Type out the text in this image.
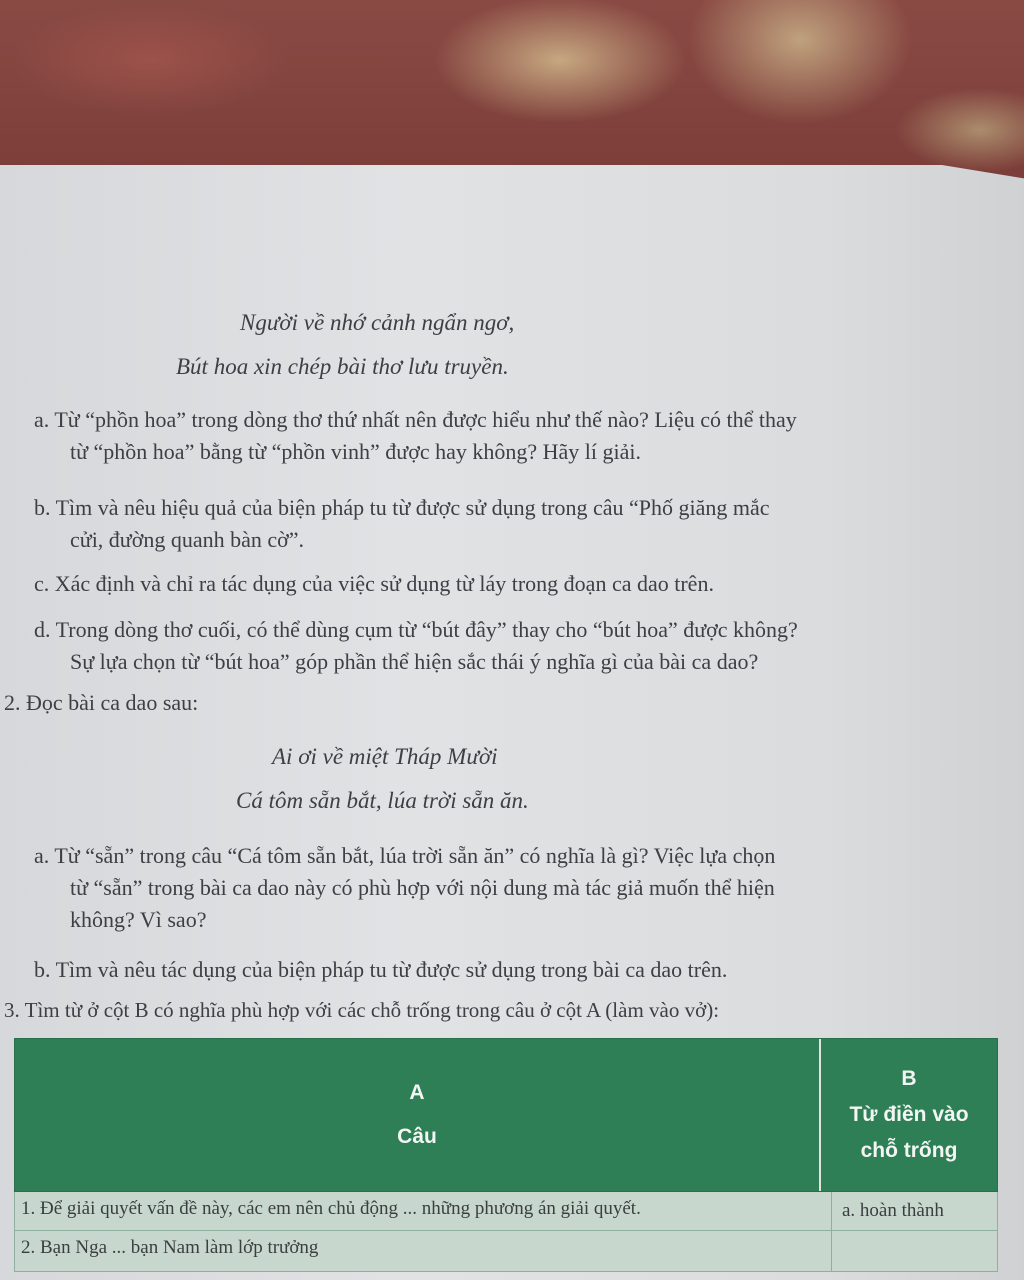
Người về nhớ cảnh ngẩn ngơ,
Bút hoa xin chép bài thơ lưu truyền.
a. Từ “phồn hoa” trong dòng thơ thứ nhất nên được hiểu như thế nào? Liệu có thể thay
từ “phồn hoa” bằng từ “phồn vinh” được hay không? Hãy lí giải.
b. Tìm và nêu hiệu quả của biện pháp tu từ được sử dụng trong câu “Phố giăng mắc
cửi, đường quanh bàn cờ”.
c. Xác định và chỉ ra tác dụng của việc sử dụng từ láy trong đoạn ca dao trên.
d. Trong dòng thơ cuối, có thể dùng cụm từ “bút đây” thay cho “bút hoa” được không?
Sự lựa chọn từ “bút hoa” góp phần thể hiện sắc thái ý nghĩa gì của bài ca dao?
2. Đọc bài ca dao sau:
Ai ơi về miệt Tháp Mười
Cá tôm sẵn bắt, lúa trời sẵn ăn.
a. Từ “sẵn” trong câu “Cá tôm sẵn bắt, lúa trời sẵn ăn” có nghĩa là gì? Việc lựa chọn
từ “sẵn” trong bài ca dao này có phù hợp với nội dung mà tác giả muốn thể hiện
không? Vì sao?
b. Tìm và nêu tác dụng của biện pháp tu từ được sử dụng trong bài ca dao trên.
3. Tìm từ ở cột B có nghĩa phù hợp với các chỗ trống trong câu ở cột A (làm vào vở):
A
Câu
B
Từ điền vào
chỗ trống
1. Để giải quyết vấn đề này, các em nên chủ động ... những phương án giải quyết.	a. hoàn thành
2. Bạn Nga ... bạn Nam làm lớp trưởng
